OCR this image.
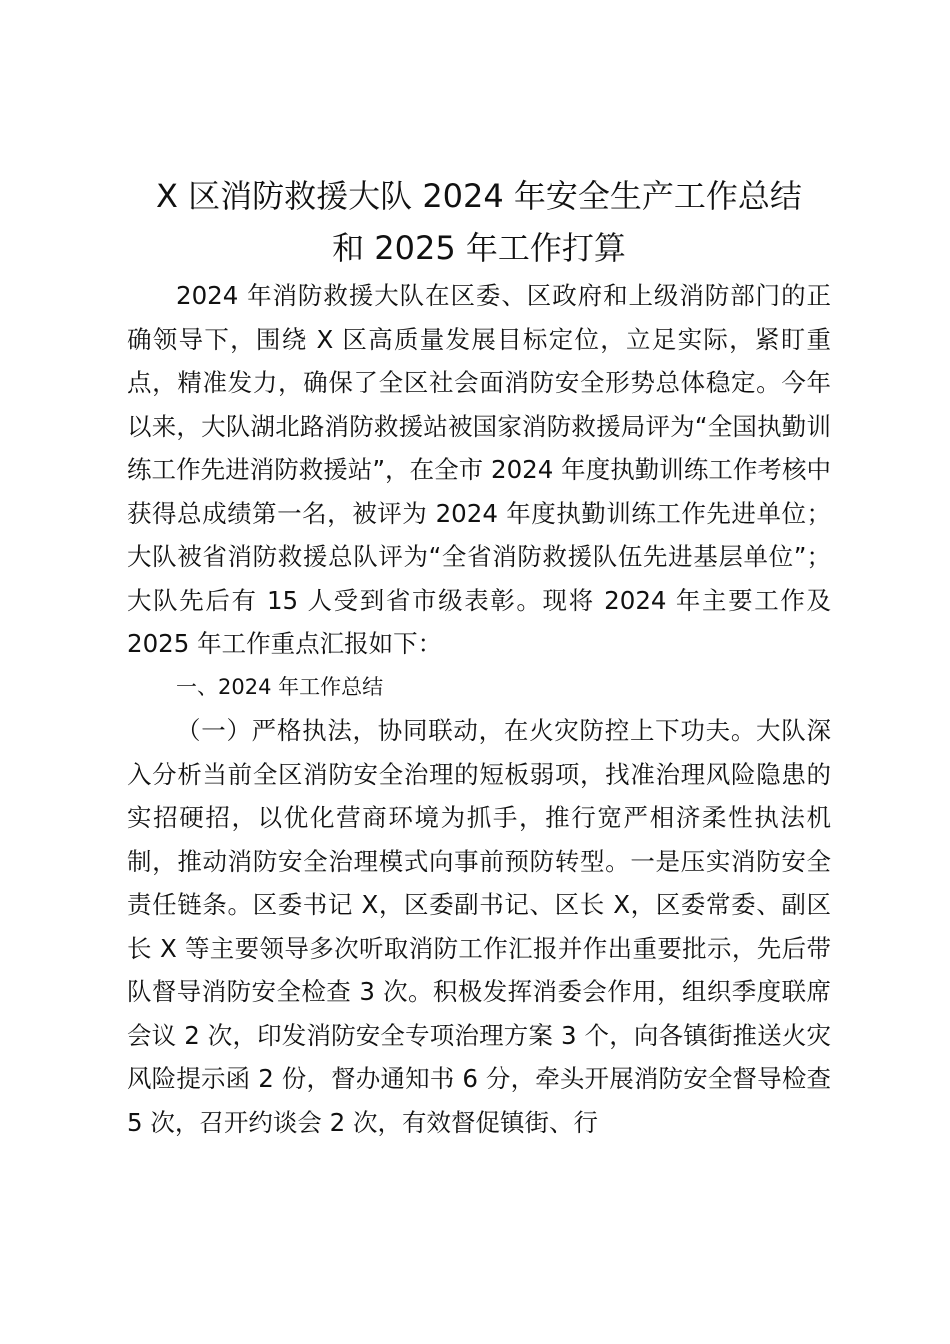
X 区消防救援大队 2024 年安全生产工作总结
和 2025 年工作打算

2024 年消防救援大队在区委、区政府和上级消防部门的正确领导下，围绕 X 区高质量发展目标定位，立足实际，紧盯重点，精准发力，确保了全区社会面消防安全形势总体稳定。今年以来，大队湖北路消防救援站被国家消防救援局评为“全国执勤训练工作先进消防救援站”，在全市 2024 年度执勤训练工作考核中获得总成绩第一名，被评为 2024 年度执勤训练工作先进单位；大队被省消防救援总队评为“全省消防救援队伍先进基层单位”；大队先后有 15 人受到省市级表彰。现将 2024 年主要工作及 2025 年工作重点汇报如下：

一、2024 年工作总结

（一）严格执法，协同联动，在火灾防控上下功夫。大队深入分析当前全区消防安全治理的短板弱项，找准治理风险隐患的实招硬招，以优化营商环境为抓手，推行宽严相济柔性执法机制，推动消防安全治理模式向事前预防转型。一是压实消防安全责任链条。区委书记 X，区委副书记、区长 X，区委常委、副区长 X 等主要领导多次听取消防工作汇报并作出重要批示，先后带队督导消防安全检查 3 次。积极发挥消委会作用，组织季度联席会议 2 次，印发消防安全专项治理方案 3 个，向各镇街推送火灾风险提示函 2 份，督办通知书 6 分，牵头开展消防安全督导检查 5 次，召开约谈会 2 次，有效督促镇街、行
